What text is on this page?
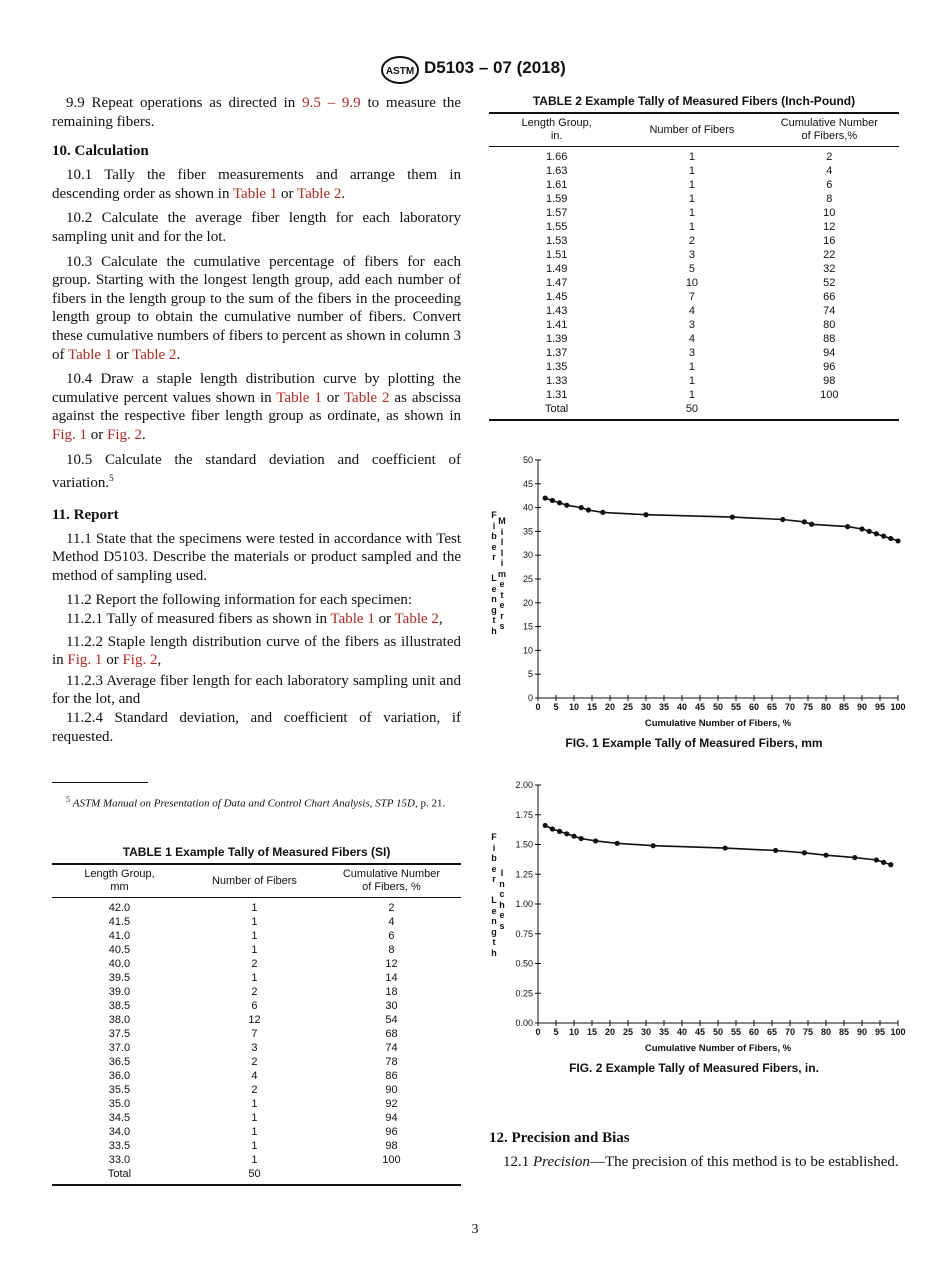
ASTM D5103 – 07 (2018)

9.9 Repeat operations as directed in 9.5 – 9.9 to measure the remaining fibers.

10. Calculation

10.1 Tally the fiber measurements and arrange them in descending order as shown in Table 1 or Table 2.

10.2 Calculate the average fiber length for each laboratory sampling unit and for the lot.

10.3 Calculate the cumulative percentage of fibers for each group. Starting with the longest length group, add each number of fibers in the length group to the sum of the fibers in the proceeding length group to obtain the cumulative number of fibers. Convert these cumulative numbers of fibers to percent as shown in column 3 of Table 1 or Table 2.

10.4 Draw a staple length distribution curve by plotting the cumulative percent values shown in Table 1 or Table 2 as abscissa against the respective fiber length group as ordinate, as shown in Fig. 1 or Fig. 2.

10.5 Calculate the standard deviation and coefficient of variation.$^5$

11. Report

11.1 State that the specimens were tested in accordance with Test Method D5103. Describe the materials or product sampled and the method of sampling used.

11.2 Report the following information for each specimen:

11.2.1 Tally of measured fibers as shown in Table 1 or Table 2,

11.2.2 Staple length distribution curve of the fibers as illustrated in Fig. 1 or Fig. 2,

11.2.3 Average fiber length for each laboratory sampling unit and for the lot, and

11.2.4 Standard deviation, and coefficient of variation, if requested.

$^5$ ASTM Manual on Presentation of Data and Control Chart Analysis, STP 15D, p. 21.
TABLE 1 Example Tally of Measured Fibers (SI)
Length Group,
mm	Number of Fibers	Cumulative Number
of Fibers, %
42.0	1	2
41.5	1	4
41.0	1	6
40.5	1	8
40.0	2	12
39.5	1	14
39.0	2	18
38.5	6	30
38.0	12	54
37.5	7	68
37.0	3	74
36.5	2	78
36.0	4	86
35.5	2	90
35.0	1	92
34.5	1	94
34.0	1	96
33.5	1	98
33.0	1	100
Total	50	
TABLE 2 Example Tally of Measured Fibers (Inch-Pound)
Length Group,
in.	Number of Fibers	Cumulative Number
of Fibers,%
1.66	1	2
1.63	1	4
1.61	1	6
1.59	1	8
1.57	1	10
1.55	1	12
1.53	2	16
1.51	3	22
1.49	5	32
1.47	10	52
1.45	7	66
1.43	4	74
1.41	3	80
1.39	4	88
1.37	3	94
1.35	1	96
1.33	1	98
1.31	1	100
Total	50	
F
i
b
e
r

L
e
n
g
t
h
M
i
l
l
i
m
e
t
e
r
s
0
5
10
15
20
25
30
35
40
45
50
0 5 10 15 20 25 30 35 40 45 50 55 60 65 70 75 80 85 90 95 100
Cumulative Number of Fibers, %
FIG. 1 Example Tally of Measured Fibers, mm
F
i
b
e
r

L
e
n
g
t
h
I
n
c
h
e
s
0.00
0.25
0.50
0.75
1.00
1.25
1.50
1.75
2.00
0 5 10 15 20 25 30 35 40 45 50 55 60 65 70 75 80 85 90 95 100
Cumulative Number of Fibers, %
FIG. 2 Example Tally of Measured Fibers, in.
12. Precision and Bias

12.1 Precision—The precision of this method is to be established.

3
